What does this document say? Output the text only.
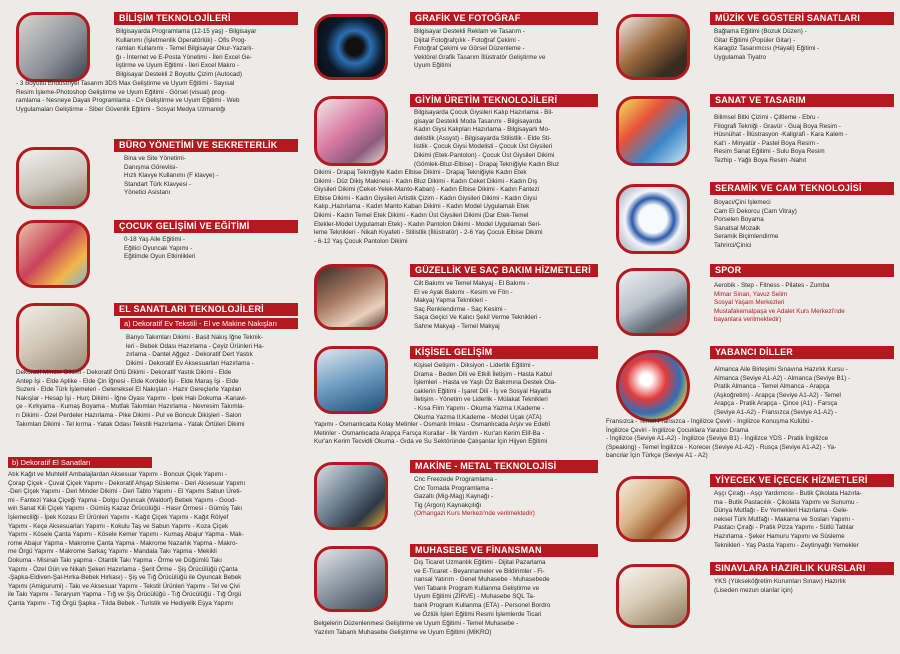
BİLİŞİM TEKNOLOJİLERİ
Bilgisayarda Programlama (12-15 yaş) - Bilgisayar
Kullanımı (İşletmenlik Operatörlük) - Ofis Prog-
ramları Kullanımı - Temel Bilgisayar Okur-Yazarlı-
ğı - İnternet ve E-Posta Yönetimi - İleri Excel Ge-
liştirme ve Uyum Eğitimi - İleri Excel Makro -
Bilgisayar Destekli 2 Boyutlu Çizim (Autocad)
- 3 Boyutlu Endüstriyel Tasarım 3DS Max Geliştirme ve Uyum Eğitimi - Sayısal
Resim İşleme-Photoshop Geliştirme ve Uyum Eğitimi - Görsel (visual) prog-
ramlama - Nesneye Dayalı Programlama - C# Geliştirme ve Uyum Eğitimi - Web
Uygulamaları Geliştirme - Siber Güvenlik Eğitimi - Sosyal Medya Uzmanlığı
BÜRO YÖNETİMİ VE SEKRETERLİK
Bina ve Site Yönetimi-
Danışma Görevlisi-
Hızlı Klavye Kullanımı (F klavye) -
Standart Türk Klavyesi -
Yönetici Asistanı
ÇOCUK GELİŞİMİ VE EĞİTİMİ
0-18 Yaş Aile Eğitimi -
Eğitici Oyuncak Yapımı -
Eğitimde Oyun Etkinlikleri
EL SANATLARI TEKNOLOJİLERİ
a) Dekoratif Ev Tekstili - El ve Makine Nakışları
Banyo Takımları Dikimi - Basit Nakış İğne Teknik-
leri - Bebek Odası Hazırlama - Çeyiz Ürünleri Ha-
zırlama - Dantel Ağgez - Dekoratif Dert Yastık
Dikimi - Dekoratif Ev Aksesuarları Hazırlama -
Dekoratif Minder Dikimi - Dekoratif Örtü Dikimi - Dekoratif Yastık Dikimi - Elde
Antep İşi - Elde Aplike - Elde Çin İğnesi - Elde Kordele İşi - Elde Maraş İşi - Elde
Suzeni - Elde Türk İşlemeleri - Geleneksel El Nakışları - Hazır Gereçlerle Yapılan
Nakışlar - Hesap İşi - Hurç Dikimi - İğne Oyası Yapımı - İpek Halı Dokuma -Kanavi-
çe - Kırkyama - Kumaş Boyama - Mutfak Takımları Hazırlama - Nevresim Takımla-
rı Dikimi - Özel Perdeler Hazırlama - Pike Dikimi - Pul ve Boncuk Dikişleri - Salon
Takımları Dikimi - Tel kırma - Yatak Odası Tekstili Hazırlama - Yatak Örtüleri Dikimi
b) Dekoratif El Sanatları
Atık Kağıt ve Muhtelif Ambalajlardan Aksesuar Yapımı - Boncuk Çiçek Yapımı -
Çorap Çiçek - Çuval Çiçek Yapımı - Dekoratif Ahşap Süsleme - Deri Aksesuar Yapımı
-Deri Çiçek Yapımı - Deri Minder Dikimi - Deri Tablo Yapımı - El Yapımı Sabun Üreti-
mi - Fantezi Yaka Çiçeği Yapma - Dolgu Oyuncak (Waldorf) Bebek Yapımı - Good-
win Sanat Kili Çiçek Yapımı - Gümüş Kazaz Örücülüğü - Hasır Örmesi - Gümüş Takı
İşlemeciliği - İpek Kozası El Ürünleri Yapımı - Kağıt Çiçek Yapımı - Kağıt Rölyef
Yapımı - Keçe Aksesuarları Yapımı - Kokulu Taş ve Sabun Yapımı - Koza Çiçek
Yapımı - Kösele Çanta Yapımı - Kösele Kemer Yapımı - Kumaş Abajur Yapma - Mak-
rome Abajur Yapma - Makrome Çanta Yapma - Makrome Nazarlık Yapma - Makro-
me Örgü Yapımı - Makrome Sarkaç Yapımı - Mandala Takı Yapma - Mekikli
Dokuma - Misinalı Takı yapma - Otantik Takı Yapma - Örme ve Düğümlü Takı
Yapımı - Özel Gün ve Nikah Şekeri Hazırlama - Şerit Örme - Şiş Örücülüğü (Çanta
-Şapka-Eldiven-Şal-Hırka-Bebek Hırkası) - Şiş ve Tığ Örücülüğü ile Oyuncak Bebek
Yapımı (Amigurumi) - Takı ve Aksesuar Yapımı - Tekstil Ürünleri Yapımı - Tel ve Çivi
ile Takı Yapımı - Teraryum Yapma - Tığ ve Şiş Örücülüğü - Tığ Örücülüğü - Tığ Örgü
Çanta Yapımı - Tığ Örgü Şapka - Tılda Bebek - Turistik ve Hediyelik Eşya Yapımı
GRAFİK VE FOTOĞRAF
Bilgisayar Destekli Reklam ve Tasarım -
Dijital Fotoğrafçılık - Fotoğraf Çekimi -
Fotoğraf Çekimi ve Görsel Düzenleme -
Vektörel Grafik Tasarım İllüstratör Geliştirme ve
Uyum Eğitimi
GİYİM ÜRETİM TEKNOLOJİLERİ
Bilgisayarda Çocuk Giysileri Kalıp Hazırlama - Bil-
gisayar Destekli Moda Tasarımı - Bilgisayarda
Kadın Giysi Kalıpları Hazırlama - Bilgisayarlı Mo-
delistlik (Assyst) - Bilgisayarda Stilistlik - Elde Sti-
listlik - Çocuk Giysi Modelisti - Çocuk Üst Giysileri
Dikimi (Etek-Pantolon) - Çocuk Üst Giysileri Dikimi
(Gömlek-Bluz-Elbise) - Drapaj Tekniğiyle Kadın Bluz
Dikimi - Drapaj Tekniğiyle Kadın Elbise Dikimi - Drapaj Tekniğiyle Kadın Etek
Dikimi - Düz Dikiş Makinesi - Kadın Bluz Dikimi - Kadın Ceket Dikimi - Kadın Dış
Giysileri Dikimi (Ceket-Yelek-Manto-Kaban) - Kadın Elbise Dikimi - Kadın Fantezi
Elbise Dikimi - Kadın Giysileri Artistik Çizim - Kadın Giysileri Dikimi - Kadın Giysi
Kalıp.,Hazırlama - Kadın Manto Kaban Dikimi - Kadın Model Uygulamalı Etek
Dikimi - Kadın Temel Etek Dikimi - Kadın Üst Giysileri Dikimi (Dar Etek-Temel
Etekler-Model Uygulamalı Etek) - Kadın Pantolon Dikimi - Model Uygulamalı Seri-
leme Teknikleri - Nikah Kıyafeti - Stilistlik (İllüstratör) - 2-6 Yaş Çocuk Elbise Dikimi
- 6-12 Yaş Çocuk Pantolon Dikimi
GÜZELLİK VE SAÇ BAKIM HİZMETLERİ
Cilt Bakımı ve Temel Makyaj - El Bakımı -
El ve Ayak Bakımı - Kesim ve Fön -
Makyaj Yapma Teknikleri -
Saç Renklendirme - Saç Kesimi -
Saça Geçici Ve Kalıcı Şekil Verme Teknikleri -
Sahne Makyajı - Temel Makyaj
KİŞİSEL GELİŞİM
Kişisel Gelişim - Diksiyon - Liderlik Eğitimi -
Drama - Beden Dili ve Etkili İletişim - Hasta Kabul
İşlemleri - Hasta ve Yaşlı Öz Bakımına Destek Ola-
caklerin Eğitimi - İşaret Dili - İş ve Sosyal Hayatta
İletişim - Yönetim ve Liderlik - Mülakat Teknikleri
- Kısa Film Yapımı - Okuma Yazma I.Kademe -
Okuma Yazma II.Kademe - Model Uçak (ATA)
Yapımı - Osmanlıcada Kolay Metinler - Osmanlı İmlası - Osmanlıcada Arşiv ve Edebî
Metinler - Osmanlıcada Arapça Farsça Kurallar - İlk Yardım - Kur'an Kerim Elif-Ba -
Kur'an Kerim Tecvidli Okuma - Gıda ve Su Sektöründe Çalışanlar İçin Hijyen Eğitimi
MAKİNE - METAL TEKNOLOJİSİ
Cnc Freezede Programlama -
Cnc Tornada Programlama -
Gazaltı (Mig-Mag) Kaynağı -
Tig (Argon) Kaynakçılığı
(Orhangazi Kurs Merkezi'nde verilmektedir)
MUHASEBE VE FİNANSMAN
Dış Ticaret Uzmanlık Eğitimi - Dijital Pazarlama
ve E-Ticaret - Beyannameler ve Bildirimler - Fi-
nansal Yatırım - Genel Muhasebe - Muhasebede
Veri Tabanlı Program Kullanma Geliştirme ve
Uyum Eğitimi (ZİRVE) - Muhasebe SQL Ta-
banlı Program Kullanma (ETA) - Personel Bordro
ve Özlük İşleri Eğitimi Resmi İşlemlerde Ticari
Belgelerin Düzenlenmesi Geliştirme ve Uyum Eğitimi - Temel Muhasebe -
Yazılım Tabanlı Muhasebe Geliştirme ve Uyum Eğitimi (MİKRO)
MÜZİK VE GÖSTERİ SANATLARI
Bağlama Eğitimi (Bozuk Düzen) -
Gitar Eğitimi (Popüler Gitar) -
Karagöz Tasarımcısı (Hayali) Eğitimi -
Uygulamalı Tiyatro
SANAT VE TASARIM
Bilimsel Bitki Çizimi - Çiltleme - Ebru -
Filografi Tekniği - Gravür - Guaj Boya Resim -
Hüsnühat - İllüstrasyon -Kaligrafi - Kara Kalem -
Kat'ı - Minyatür - Pastel Boya Resim -
Resim Sanat Eğitimi - Sulu Boya Resim
Tezhip - Yağlı Boya Resim -Nahıt
SERAMİK VE CAM TEKNOLOJİSİ
Boyacı/Çini İşlemeci
Cam El Dekorcu (Cam Vitray)
Porselen Boyama
Sanatsal Mozaik
Seramik Biçimlendirme
Tahrirci/Çinici
SPOR
Aerobik - Step - Fitness - Pilates - Zumba
Mimar Sinan, Yavuz Selim
Sosyal Yaşam Merkezleri
Mustafakemalpaşa ve Adalet Kurs Merkezi'nde
bayanlara verilmektedir)
YABANCI DİLLER
Almanca Aile Birleşimi Sınavına Hazırlık Kursu -
Almanca (Seviye A1-A2) - Almanca (Seviye B1) -
Pratik Almanca - Temel Almanca - Arapça
(Aşkoğretim) - Arapça (Seviye A1-A2) - Temel
Arapça - Pratik Arapça - Çince (A1) - Farsça
(Seviye A1-A2) - Fransızca (Seviye A1-A2) -
Fransızca - Temel Fransızca - İngilizce Çeviri - İngilizce Konuşma Kulübü -
İngilizce Çeviri - İngilizce Çocuklara Yaratıcı Drama
- İngilizce (Seviye A1-A2) - İngilizce (Seviye B1) - İngilizce YDS - Pratik İngilizce
(Speaking) - Temel İngilizce - Koreceı (Seviye A1-A2) - Rusça (Seviye A1-A2) - Ya-
bancılar İçin Türkçe (Seviye A1 - A2)
YİYECEK VE İÇECEK HİZMETLERİ
Aşçı Çırağı - Aşçı Yardımcısı - Butik Çikolata Hazırla-
ma - Butik Pastacılık - Çikolata Yapımı ve Sunumu -
Dünya Mutfağı - Ev Yemekleri Hazırlama - Gele-
neksel Türk Mutfağı - Makarna ve Sosları Yapımı -
Pastacı Çırağı - Pratik Pizza Yapımı - Sütlü Tatlılar
Hazırlama - Şeker Hamuru Yapımı ve Süsleme
Teknikleri - Yaş Pasta Yapımı - Zeytinyağlı Yemekler
SINAVLARA HAZIRLIK KURSLARI
YKS (Yükseköğretim Kurumları Sınavı) Hazırlık
(Liseden mezun olanlar için)
